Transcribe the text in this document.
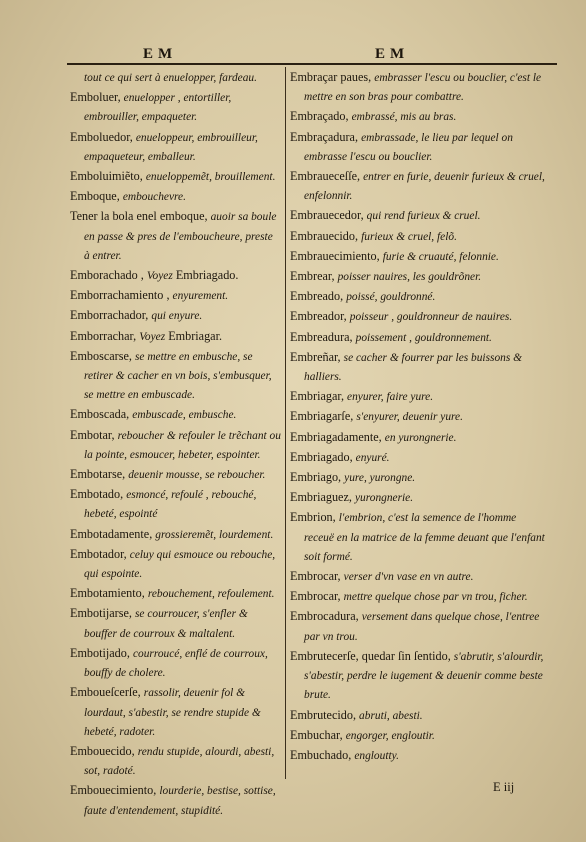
EM	EM

tout ce qui sert à enuelopper, fardeau.

Emboluer, enuelopper , entortiller, embrouiller, empaqueter.

Emboluedor, enueloppeur, embrouilleur, empaqueteur, emballeur.

Emboluimiẽto, enueloppemẽt, brouillement.

Emboque, embouchevre.

Tener la bola enel emboque, auoir sa boule en passe & pres de l'emboucheure, preste à entrer.

Emborachado , Voyez Embriagado.

Emborrachamiento , enyurement.

Emborrachador, qui enyure.

Emborrachar, Voyez Embriagar.

Emboscarse, se mettre en embusche, se retirer & cacher en vn bois, s'embusquer, se mettre en embuscade.

Emboscada, embuscade, embusche.

Embotar, reboucher & refouler le trẽchant ou la pointe, esmoucer, hebeter, espointer.

Embotarse, deuenir mousse, se reboucher.

Embotado, esmoncé, refoulé , rebouché, hebeté, espointé

Embotadamente, grossieremẽt, lourdement.

Embotador, celuy qui esmouce ou rebouche, qui espointe.

Embotamiento, rebouchement, refoulement.

Embotijarse, se courroucer, s'enfler & bouffer de courroux & maltalent.

Embotijado, courroucé, enflé de courroux, bouffy de cholere.

Emboueſcerſe, rassolir, deuenir fol & lourdaut, s'abestir, se rendre stupide & hebeté, radoter.

Embouecido, rendu stupide, alourdi, abesti, sot, radoté.

Embouecimiento, lourderie, bestise, sottise, faute d'entendement, stupidité.

Embraçar paues, embrasser l'escu ou bouclier, c'est le mettre en son bras pour combattre.

Embraçado, embrassé, mis au bras.

Embraçadura, embrassade, le lieu par lequel on embrasse l'escu ou bouclier.

Embraueceſſe, entrer en furie, deuenir furieux & cruel, enfelonnir.

Embrauecedor, qui rend furieux & cruel.

Embrauecido, furieux & cruel, felõ.

Embrauecimiento, furie & cruauté, felonnie.

Embrear, poisser nauires, les gouldrõner.

Embreado, poissé, gouldronné.

Embreador, poisseur , gouldronneur de nauires.

Embreadura, poissement , gouldronnement.

Embreñar, se cacher & fourrer par les buissons & halliers.

Embriagar, enyurer, faire yure.

Embriagarſe, s'enyurer, deuenir yure.

Embriagadamente, en yurongnerie.

Embriagado, enyuré.

Embriago, yure, yurongne.

Embriaguez, yurongnerie.

Embrion, l'embrion, c'est la semence de l'homme receuë en la matrice de la femme deuant que l'enfant soit formé.

Embrocar, verser d'vn vase en vn autre.

Embrocar, mettre quelque chose par vn trou, ficher.

Embrocadura, versement dans quelque chose, l'entree par vn trou.

Embrutecerſe, quedar ſin ſentido, s'abrutir, s'alourdir, s'abestir, perdre le iugement & deuenir comme beste brute.

Embrutecido, abruti, abesti.

Embuchar, engorger, engloutir.

Embuchado, engloutty.

E iij
